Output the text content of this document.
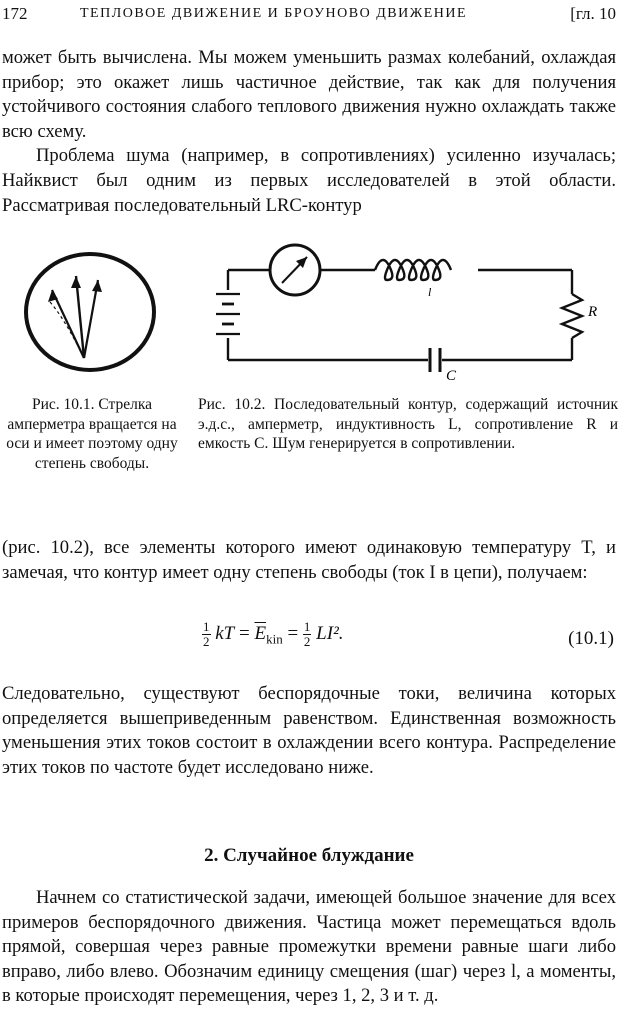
172	ТЕПЛОВОЕ ДВИЖЕНИЕ И БРОУНОВО ДВИЖЕНИЕ	[гл. 10

может быть вычислена. Мы можем уменьшить размах колебаний, охлаждая прибор; это окажет лишь частичное действие, так как для получения устойчивого состояния слабого теплового движения нужно охлаждать также всю схему.

Проблема шума (например, в сопротивлениях) усиленно изучалась; Найквист был одним из первых исследователей в этой области. Рассматривая последовательный LRC-контур

l
R
C

Рис. 10.1. Стрелка амперметра вращается на оси и имеет поэтому одну степень свободы.

Рис. 10.2. Последовательный контур, содержащий источник э.д.с., амперметр, индуктивность L, сопротивление R и емкость C. Шум генерируется в сопротивлении.

(рис. 10.2), все элементы которого имеют одинаковую температуру T, и замечая, что контур имеет одну степень свободы (ток I в цепи), получаем:

$\frac{1}{2}$ kT = $\overline{E}_{kin} = \frac{1}{2} LI^2$.	(10.1)

Следовательно, существуют беспорядочные токи, величина которых определяется вышеприведенным равенством. Единственная возможность уменьшения этих токов состоит в охлаждении всего контура. Распределение этих токов по частоте будет исследовано ниже.

2. Случайное блуждание

Начнем со статистической задачи, имеющей большое значение для всех примеров беспорядочного движения. Частица может перемещаться вдоль прямой, совершая через равные промежутки времени равные шаги либо вправо, либо влево. Обозначим единицу смещения (шаг) через l, а моменты, в которые происходят перемещения, через 1, 2, 3 и т. д.
